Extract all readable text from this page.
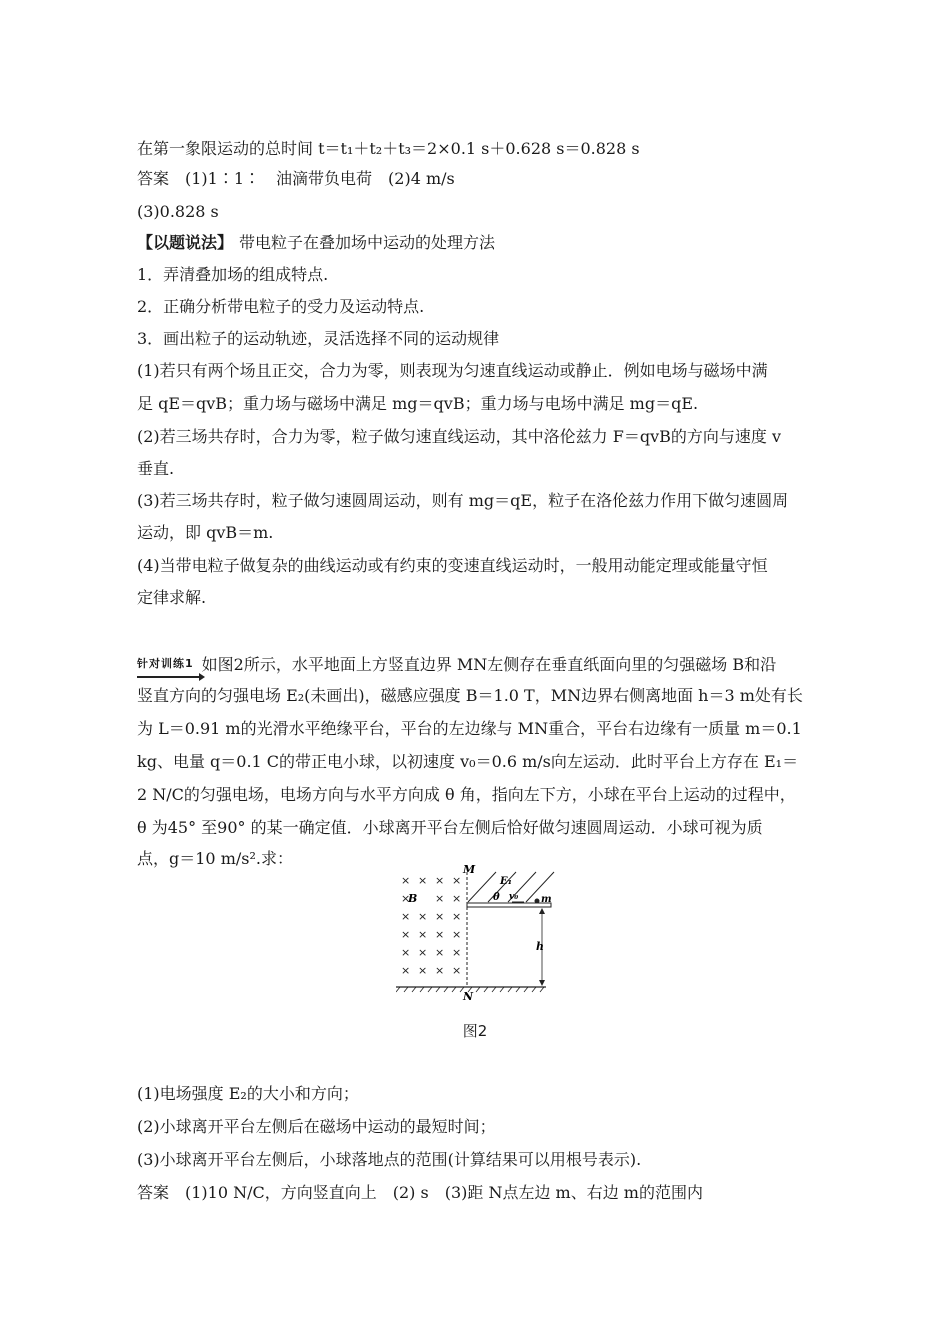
在第一象限运动的总时间 t＝t₁＋t₂＋t₃＝2×0.1 s＋0.628 s＝0.828 s
答案　(1)1∶1∶　油滴带负电荷　(2)4 m/s
(3)0.828 s
【以题说法】 带电粒子在叠加场中运动的处理方法
1．弄清叠加场的组成特点.
2．正确分析带电粒子的受力及运动特点.
3．画出粒子的运动轨迹，灵活选择不同的运动规律
(1)若只有两个场且正交，合力为零，则表现为匀速直线运动或静止．例如电场与磁场中满
足 qE＝qvB；重力场与磁场中满足 mg＝qvB；重力场与电场中满足 mg＝qE.
(2)若三场共存时，合力为零，粒子做匀速直线运动，其中洛伦兹力 F＝qvB的方向与速度 v
垂直.
(3)若三场共存时，粒子做匀速圆周运动，则有 mg＝qE，粒子在洛伦兹力作用下做匀速圆周
运动，即 qvB＝m.
(4)当带电粒子做复杂的曲线运动或有约束的变速直线运动时，一般用动能定理或能量守恒
定律求解.
针对训练1 如图2所示，水平地面上方竖直边界 MN左侧存在垂直纸面向里的匀强磁场 B和沿
竖直方向的匀强电场 E₂(未画出)，磁感应强度 B＝1.0 T，MN边界右侧离地面 h＝3 m处有长
为 L＝0.91 m的光滑水平绝缘平台，平台的左边缘与 MN重合，平台右边缘有一质量 m＝0.1
kg、电量 q＝0.1 C的带正电小球，以初速度 v₀＝0.6 m/s向左运动．此时平台上方存在 E₁＝
2 N/C的匀强电场，电场方向与水平方向成 θ 角，指向左下方，小球在平台上运动的过程中，
θ 为45° 至90° 的某一确定值．小球离开平台左侧后恰好做匀速圆周运动．小球可视为质
点，g＝10 m/s².求：
× × × ×
× × ×
× × × ×
× × × ×
× × × ×
× × × ×
B
M
N
E₁
θ v₀ m
h
图2
(1)电场强度 E₂的大小和方向；
(2)小球离开平台左侧后在磁场中运动的最短时间；
(3)小球离开平台左侧后，小球落地点的范围(计算结果可以用根号表示).
答案　(1)10 N/C，方向竖直向上　(2) s　(3)距 N点左边 m、右边 m的范围内
